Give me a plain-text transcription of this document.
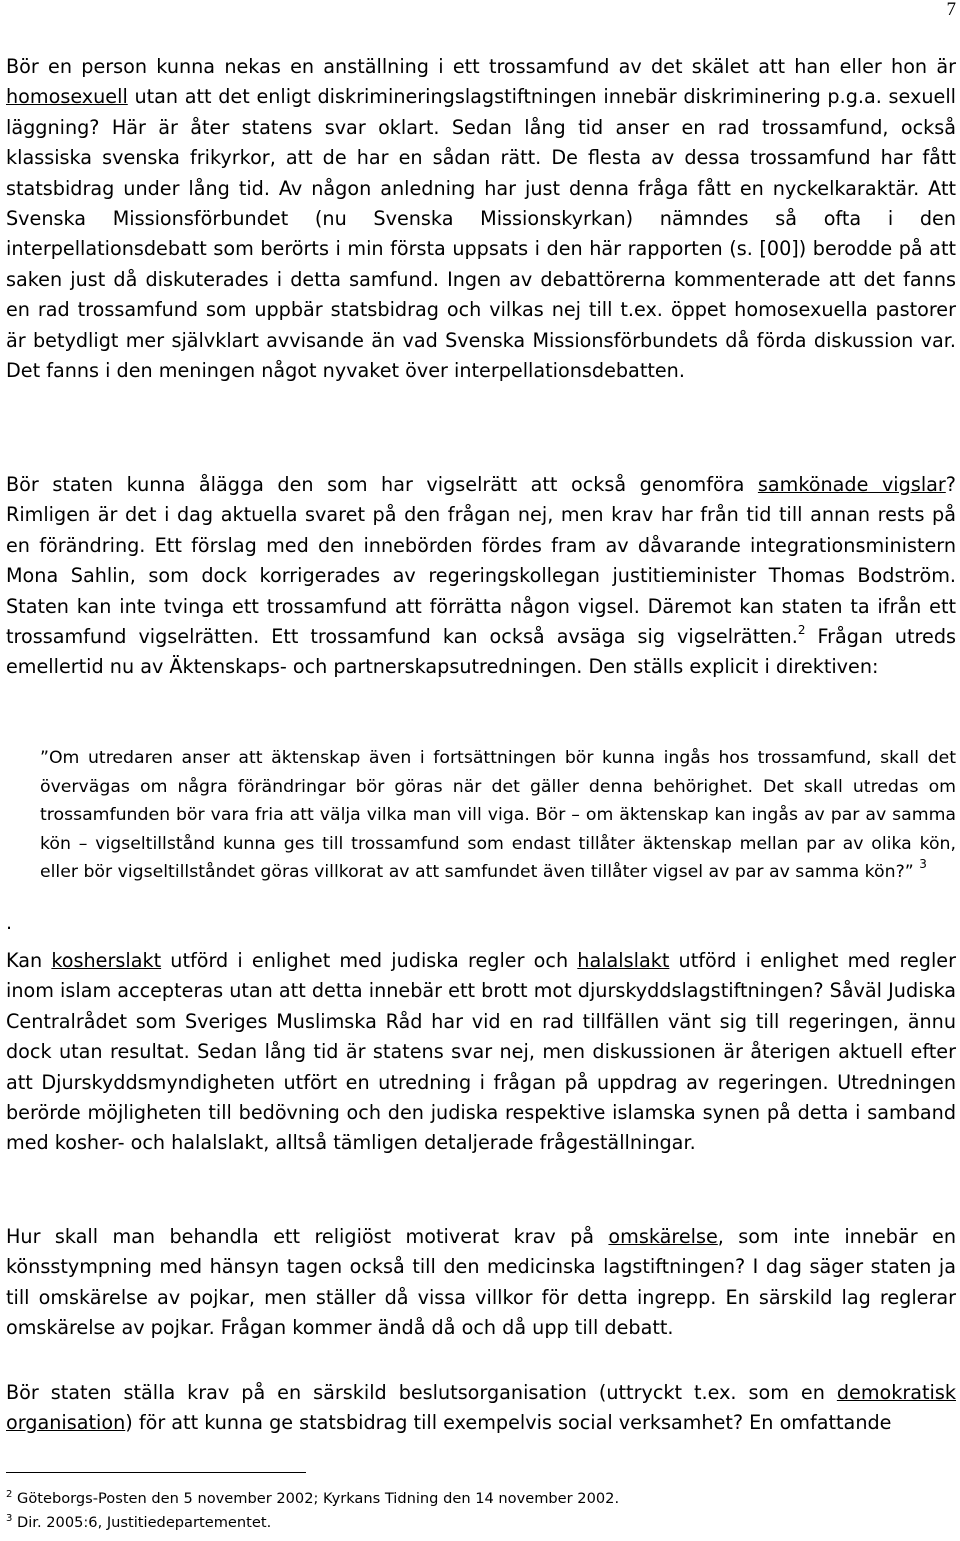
7

Bör en person kunna nekas en anställning i ett trossamfund av det skälet att han eller hon är homosexuell utan att det enligt diskrimineringslagstiftningen innebär diskriminering p.g.a. sexuell läggning? Här är åter statens svar oklart. Sedan lång tid anser en rad trossamfund, också klassiska svenska frikyrkor, att de har en sådan rätt. De flesta av dessa trossamfund har fått statsbidrag under lång tid. Av någon anledning har just denna fråga fått en nyckelkaraktär. Att Svenska Missionsförbundet (nu Svenska Missionskyrkan) nämndes så ofta i den interpellationsdebatt som berörts i min första uppsats i den här rapporten (s. [00]) berodde på att saken just då diskuterades i detta samfund. Ingen av debattörerna kommenterade att det fanns en rad trossamfund som uppbär statsbidrag och vilkas nej till t.ex. öppet homosexuella pastorer är betydligt mer självklart avvisande än vad Svenska Missionsförbundets då förda diskussion var. Det fanns i den meningen något nyvaket över interpellationsdebatten.

Bör staten kunna ålägga den som har vigselrätt att också genomföra samkönade vigslar? Rimligen är det i dag aktuella svaret på den frågan nej, men krav har från tid till annan rests på en förändring. Ett förslag med den innebörden fördes fram av dåvarande integrationsministern Mona Sahlin, som dock korrigerades av regeringskollegan justitieminister Thomas Bodström. Staten kan inte tvinga ett trossamfund att förrätta någon vigsel. Däremot kan staten ta ifrån ett trossamfund vigselrätten. Ett trossamfund kan också avsäga sig vigselrätten.$^2$ Frågan utreds emellertid nu av Äktenskaps- och partnerskapsutredningen. Den ställs explicit i direktiven:

”Om utredaren anser att äktenskap även i fortsättningen bör kunna ingås hos trossamfund, skall det övervägas om några förändringar bör göras när det gäller denna behörighet. Det skall utredas om trossamfunden bör vara fria att välja vilka man vill viga. Bör – om äktenskap kan ingås av par av samma kön – vigseltillstånd kunna ges till trossamfund som endast tillåter äktenskap mellan par av olika kön, eller bör vigseltillståndet göras villkorat av att samfundet även tillåter vigsel av par av samma kön?” $^3$

.

Kan kosherslakt utförd i enlighet med judiska regler och halalslakt utförd i enlighet med regler inom islam accepteras utan att detta innebär ett brott mot djurskyddslagstiftningen? Såväl Judiska Centralrådet som Sveriges Muslimska Råd har vid en rad tillfällen vänt sig till regeringen, ännu dock utan resultat. Sedan lång tid är statens svar nej, men diskussionen är återigen aktuell efter att Djurskyddsmyndigheten utfört en utredning i frågan på uppdrag av regeringen. Utredningen berörde möjligheten till bedövning och den judiska respektive islamska synen på detta i samband med kosher- och halalslakt, alltså tämligen detaljerade frågeställningar.

Hur skall man behandla ett religiöst motiverat krav på omskärelse, som inte innebär en könsstympning med hänsyn tagen också till den medicinska lagstiftningen? I dag säger staten ja till omskärelse av pojkar, men ställer då vissa villkor för detta ingrepp. En särskild lag reglerar omskärelse av pojkar. Frågan kommer ändå då och då upp till debatt.

Bör staten ställa krav på en särskild beslutsorganisation (uttryckt t.ex. som en demokratisk organisation) för att kunna ge statsbidrag till exempelvis social verksamhet? En omfattande

$^2$ Göteborgs-Posten den 5 november 2002; Kyrkans Tidning den 14 november 2002.

$^3$ Dir. 2005:6, Justitiedepartementet.
